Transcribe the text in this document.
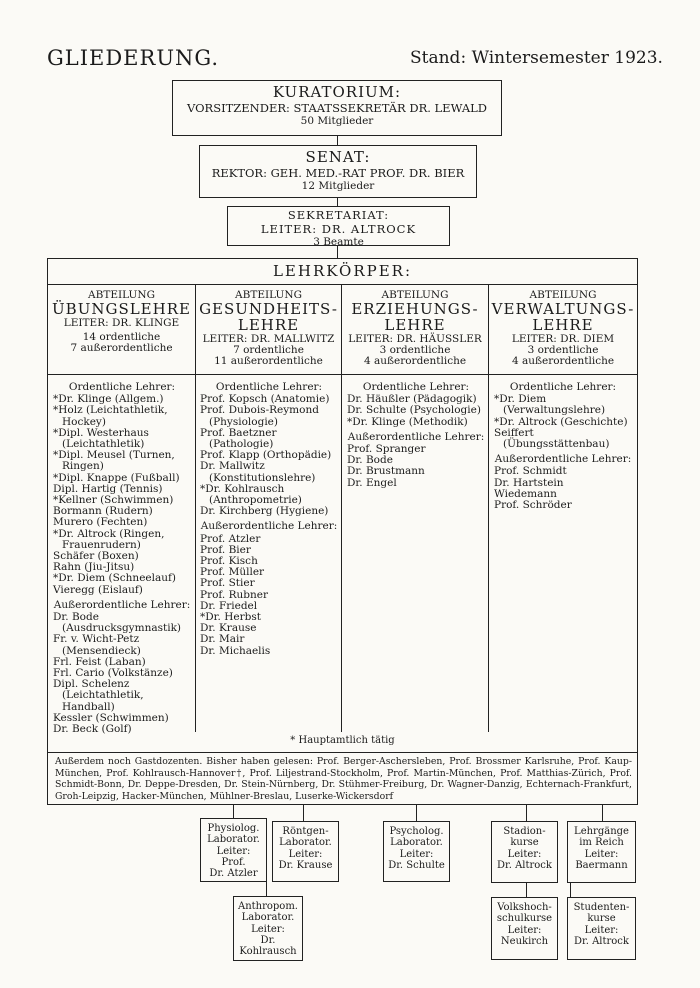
GLIEDERUNG.	Stand: Wintersemester 1923.
KURATORIUM:
VORSITZENDER: STAATSSEKRETÄR DR. LEWALD
50 Mitglieder
SENAT:
REKTOR: GEH. MED.-RAT PROF. DR. BIER
12 Mitglieder
SEKRETARIAT:
LEITER: DR. ALTROCK
3 Beamte
LEHRKÖRPER:
ABTEILUNG
ÜBUNGSLEHRE
LEITER: DR. KLINGE
14 ordentliche
7 außerordentliche
ABTEILUNG
GESUNDHEITS-
LEHRE
LEITER: DR. MALLWITZ
7 ordentliche
11 außerordentliche
ABTEILUNG
ERZIEHUNGS-
LEHRE
LEITER: DR. HÄUSSLER
3 ordentliche
4 außerordentliche
ABTEILUNG
VERWALTUNGS-
LEHRE
LEITER: DR. DIEM
3 ordentliche
4 außerordentliche
Ordentliche Lehrer:
*Dr. Klinge (Allgem.)
*Holz (Leichtathletik, Hockey)
*Dipl. Westerhaus (Leichtathletik)
*Dipl. Meusel (Turnen, Ringen)
*Dipl. Knappe (Fußball)
Dipl. Hartig (Tennis)
*Kellner (Schwimmen)
Bormann (Rudern)
Murero (Fechten)
*Dr. Altrock (Ringen, Frauenrudern)
Schäfer (Boxen)
Rahn (Jiu-Jitsu)
*Dr. Diem (Schneelauf)
Vieregg (Eislauf)
Außerordentliche Lehrer:
Dr. Bode (Ausdrucksgymnastik)
Fr. v. Wicht-Petz (Mensendieck)
Frl. Feist (Laban)
Frl. Cario (Volkstänze)
Dipl. Schelenz (Leichtathletik, Handball)
Kessler (Schwimmen)
Dr. Beck (Golf)
Ordentliche Lehrer:
Prof. Kopsch (Anatomie)
Prof. Dubois-Reymond (Physiologie)
Prof. Baetzner (Pathologie)
Prof. Klapp (Orthopädie)
Dr. Mallwitz (Konstitutionslehre)
*Dr. Kohlrausch (Anthropometrie)
Dr. Kirchberg (Hygiene)
Außerordentliche Lehrer:
Prof. Atzler
Prof. Bier
Prof. Kisch
Prof. Müller
Prof. Stier
Prof. Rubner
Dr. Friedel
*Dr. Herbst
Dr. Krause
Dr. Mair
Dr. Michaelis
Ordentliche Lehrer:
Dr. Häußler (Pädagogik)
Dr. Schulte (Psychologie)
*Dr. Klinge (Methodik)
Außerordentliche Lehrer:
Prof. Spranger
Dr. Bode
Dr. Brustmann
Dr. Engel
Ordentliche Lehrer:
*Dr. Diem (Verwaltungslehre)
*Dr. Altrock (Geschichte)
Seiffert (Übungsstättenbau)
Außerordentliche Lehrer:
Prof. Schmidt
Dr. Hartstein
Wiedemann
Prof. Schröder
* Hauptamtlich tätig
Außerdem noch Gastdozenten. Bisher haben gelesen: Prof. Berger-Aschersleben, Prof. Brossmer Karlsruhe, Prof. Kaup-München, Prof. Kohlrausch-Hannover†, Prof. Liljestrand-Stockholm, Prof. Martin-München, Prof. Matthias-Zürich, Prof. Schmidt-Bonn, Dr. Deppe-Dresden, Dr. Stein-Nürnberg, Dr. Stühmer-Freiburg, Dr. Wagner-Danzig, Echternach-Frankfurt, Groh-Leipzig, Hacker-München, Mühlner-Breslau, Luserke-Wickersdorf
Physiolog.
Laborator.
Leiter:
Prof.
Dr. Atzler
Röntgen-
Laborator.
Leiter:
Dr. Krause
Psycholog.
Laborator.
Leiter:
Dr. Schulte
Stadion-
kurse
Leiter:
Dr. Altrock
Lehrgänge
im Reich
Leiter:
Baermann
Anthropom.
Laborator.
Leiter:
Dr.
Kohlrausch
Volkshoch-
schulkurse
Leiter:
Neukirch
Studenten-
kurse
Leiter:
Dr. Altrock
